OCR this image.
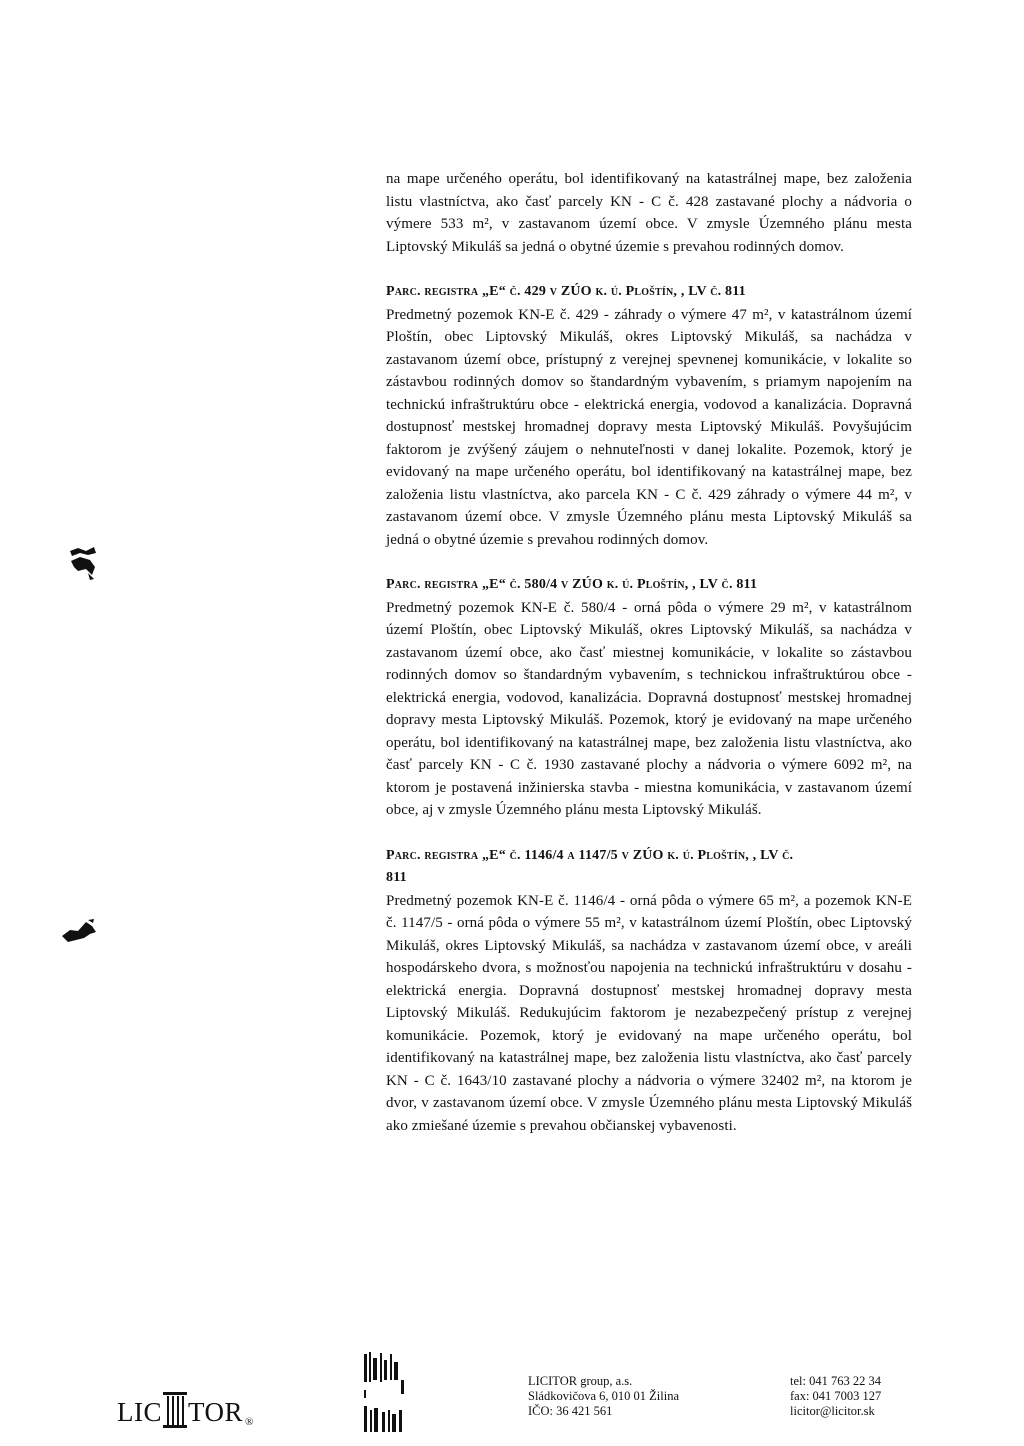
na mape určeného operátu, bol identifikovaný na katastrálnej mape, bez založenia listu vlastníctva, ako časť parcely KN - C č. 428 zastavané plochy a nádvoria o výmere 533 m², v zastavanom území obce. V zmysle Územného plánu mesta Liptovský Mikuláš sa jedná o obytné územie s prevahou rodinných domov.

Parc. registra „E“ č. 429 v ZÚO k. ú. Ploštín, , LV č. 811

Predmetný pozemok KN-E č. 429 - záhrady o výmere 47 m², v katastrálnom území Ploštín, obec Liptovský Mikuláš, okres Liptovský Mikuláš, sa nachádza v zastavanom území obce, prístupný z verejnej spevnenej komunikácie, v lokalite so zástavbou rodinných domov so štandardným vybavením, s priamym napojením na technickú infraštruktúru obce - elektrická energia, vodovod a kanalizácia. Dopravná dostupnosť mestskej hromadnej dopravy mesta Liptovský Mikuláš. Povyšujúcim faktorom je zvýšený záujem o nehnuteľnosti v danej lokalite. Pozemok, ktorý je evidovaný na mape určeného operátu, bol identifikovaný na katastrálnej mape, bez založenia listu vlastníctva, ako parcela KN - C č. 429 záhrady o výmere 44 m², v zastavanom území obce. V zmysle Územného plánu mesta Liptovský Mikuláš sa jedná o obytné územie s prevahou rodinných domov.

Parc. registra „E“ č. 580/4 v ZÚO k. ú. Ploštín, , LV č. 811

Predmetný pozemok KN-E č. 580/4 - orná pôda o výmere 29 m², v katastrálnom území Ploštín, obec Liptovský Mikuláš, okres Liptovský Mikuláš, sa nachádza v zastavanom území obce, ako časť miestnej komunikácie, v lokalite so zástavbou rodinných domov so štandardným vybavením, s technickou infraštruktúrou obce - elektrická energia, vodovod, kanalizácia. Dopravná dostupnosť mestskej hromadnej dopravy mesta Liptovský Mikuláš. Pozemok, ktorý je evidovaný na mape určeného operátu, bol identifikovaný na katastrálnej mape, bez založenia listu vlastníctva, ako časť parcely KN - C č. 1930 zastavané plochy a nádvoria o výmere 6092 m², na ktorom je postavená inžinierska stavba - miestna komunikácia, v zastavanom území obce, aj v zmysle Územného plánu mesta Liptovský Mikuláš.

Parc. registra „E“ č. 1146/4 a 1147/5 v ZÚO k. ú. Ploštín, , LV č.

811

Predmetný pozemok KN-E č. 1146/4 - orná pôda o výmere 65 m², a pozemok KN-E č. 1147/5 - orná pôda o výmere 55 m², v katastrálnom území Ploštín, obec Liptovský Mikuláš, okres Liptovský Mikuláš, sa nachádza v zastavanom území obce, v areáli hospodárskeho dvora, s možnosťou napojenia na technickú infraštruktúru v dosahu - elektrická energia. Dopravná dostupnosť mestskej hromadnej dopravy mesta Liptovský Mikuláš. Redukujúcim faktorom je nezabezpečený prístup z verejnej komunikácie. Pozemok, ktorý je evidovaný na mape určeného operátu, bol identifikovaný na katastrálnej mape, bez založenia listu vlastníctva, ako časť parcely KN - C č. 1643/10 zastavané plochy a nádvoria o výmere 32402 m², na ktorom je dvor, v zastavanom území obce. V zmysle Územného plánu mesta Liptovský Mikuláš ako zmiešané územie s prevahou občianskej vybavenosti.

LIC TOR ®
LICITOR group, a.s.
Sládkovičova 6, 010 01 Žilina
IČO: 36 421 561
tel: 041 763 22 34
fax: 041 7003 127
licitor@licitor.sk
